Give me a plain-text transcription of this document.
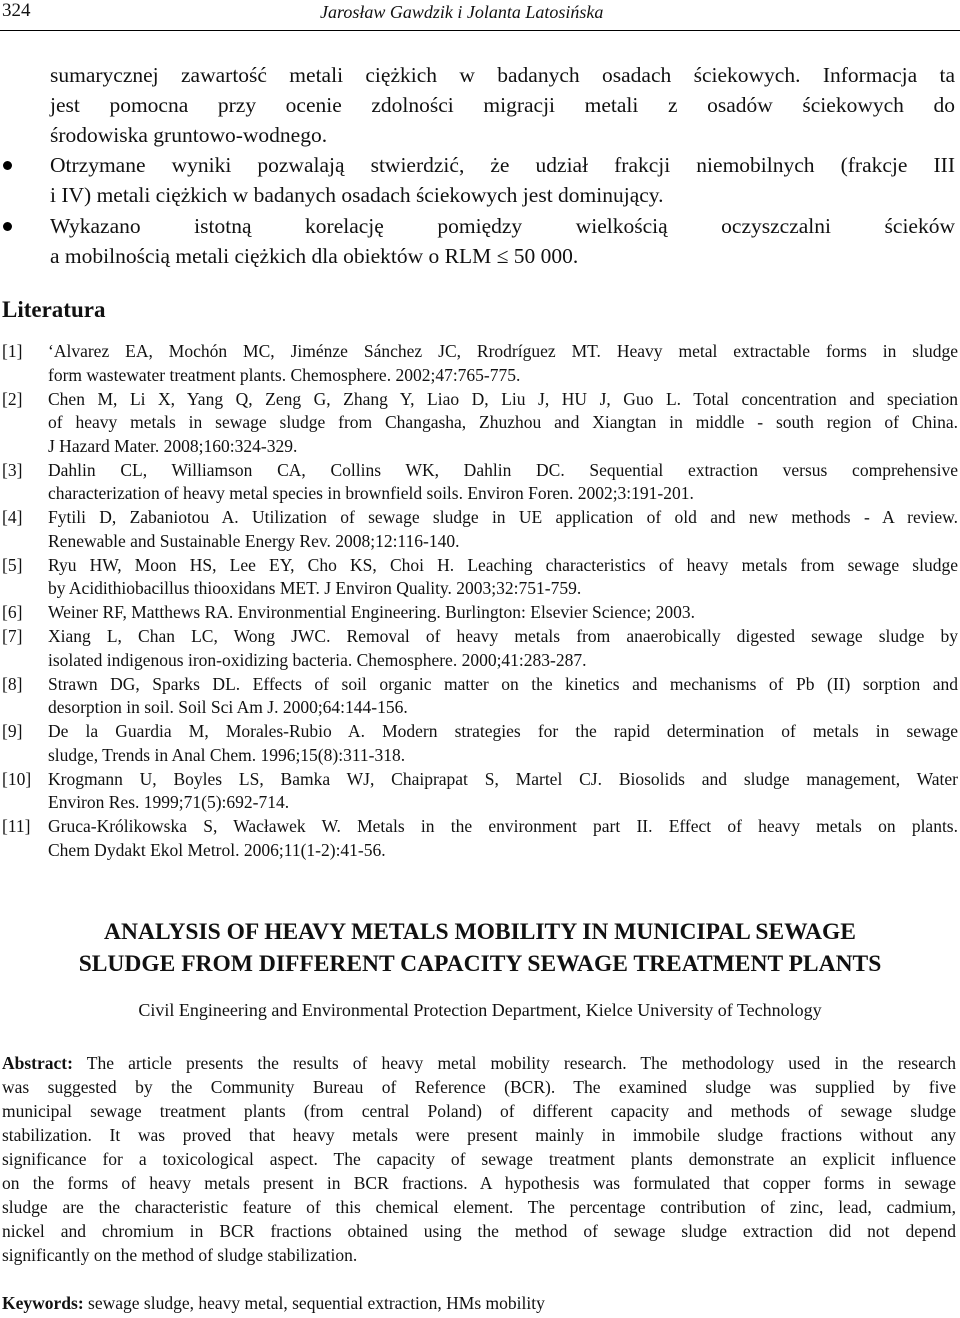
324	Jarosław Gawdzik i Jolanta Latosińska
sumarycznej zawartość metali ciężkich w badanych osadach ściekowych. Informacja ta
jest pomocna przy ocenie zdolności migracji metali z osadów ściekowych do
środowiska gruntowo-wodnego.
Otrzymane wyniki pozwalają stwierdzić, że udział frakcji niemobilnych (frakcje III
i IV) metali ciężkich w badanych osadach ściekowych jest dominujący.
Wykazano istotną korelację pomiędzy wielkością oczyszczalni ścieków
a mobilnością metali ciężkich dla obiektów o RLM ≤ 50 000.
Literatura
[1] ‘Alvarez EA, Mochón MC, Jiménze Sánchez JC, Rrodríguez MT. Heavy metal extractable forms in sludge
form wastewater treatment plants. Chemosphere. 2002;47:765-775.
[2] Chen M, Li X, Yang Q, Zeng G, Zhang Y, Liao D, Liu J, HU J, Guo L. Total concentration and speciation
of heavy metals in sewage sludge from Changasha, Zhuzhou and Xiangtan in middle - south region of China.
J Hazard Mater. 2008;160:324-329.
[3] Dahlin CL, Williamson CA, Collins WK, Dahlin DC. Sequential extraction versus comprehensive
characterization of heavy metal species in brownfield soils. Environ Foren. 2002;3:191-201.
[4] Fytili D, Zabaniotou A. Utilization of sewage sludge in UE application of old and new methods - A review.
Renewable and Sustainable Energy Rev. 2008;12:116-140.
[5] Ryu HW, Moon HS, Lee EY, Cho KS, Choi H. Leaching characteristics of heavy metals from sewage sludge
by Acidithiobacillus thiooxidans MET. J Environ Quality. 2003;32:751-759.
[6] Weiner RF, Matthews RA. Environmential Engineering. Burlington: Elsevier Science; 2003.
[7] Xiang L, Chan LC, Wong JWC. Removal of heavy metals from anaerobically digested sewage sludge by
isolated indigenous iron-oxidizing bacteria. Chemosphere. 2000;41:283-287.
[8] Strawn DG, Sparks DL. Effects of soil organic matter on the kinetics and mechanisms of Pb (II) sorption and
desorption in soil. Soil Sci Am J. 2000;64:144-156.
[9] De la Guardia M, Morales-Rubio A. Modern strategies for the rapid determination of metals in sewage
sludge, Trends in Anal Chem. 1996;15(8):311-318.
[10] Krogmann U, Boyles LS, Bamka WJ, Chaiprapat S, Martel CJ. Biosolids and sludge management, Water
Environ Res. 1999;71(5):692-714.
[11] Gruca-Królikowska S, Wacławek W. Metals in the environment part II. Effect of heavy metals on plants.
Chem Dydakt Ekol Metrol. 2006;11(1-2):41-56.
ANALYSIS OF HEAVY METALS MOBILITY IN MUNICIPAL SEWAGE
SLUDGE FROM DIFFERENT CAPACITY SEWAGE TREATMENT PLANTS
Civil Engineering and Environmental Protection Department, Kielce University of Technology
Abstract: The article presents the results of heavy metal mobility research. The methodology used in the research
was suggested by the Community Bureau of Reference (BCR). The examined sludge was supplied by five
municipal sewage treatment plants (from central Poland) of different capacity and methods of sewage sludge
stabilization. It was proved that heavy metals were present mainly in immobile sludge fractions without any
significance for a toxicological aspect. The capacity of sewage treatment plants demonstrate an explicit influence
on the forms of heavy metals present in BCR fractions. A hypothesis was formulated that copper forms in sewage
sludge are the characteristic feature of this chemical element. The percentage contribution of zinc, lead, cadmium,
nickel and chromium in BCR fractions obtained using the method of sewage sludge extraction did not depend
significantly on the method of sludge stabilization.
Keywords: sewage sludge, heavy metal, sequential extraction, HMs mobility
